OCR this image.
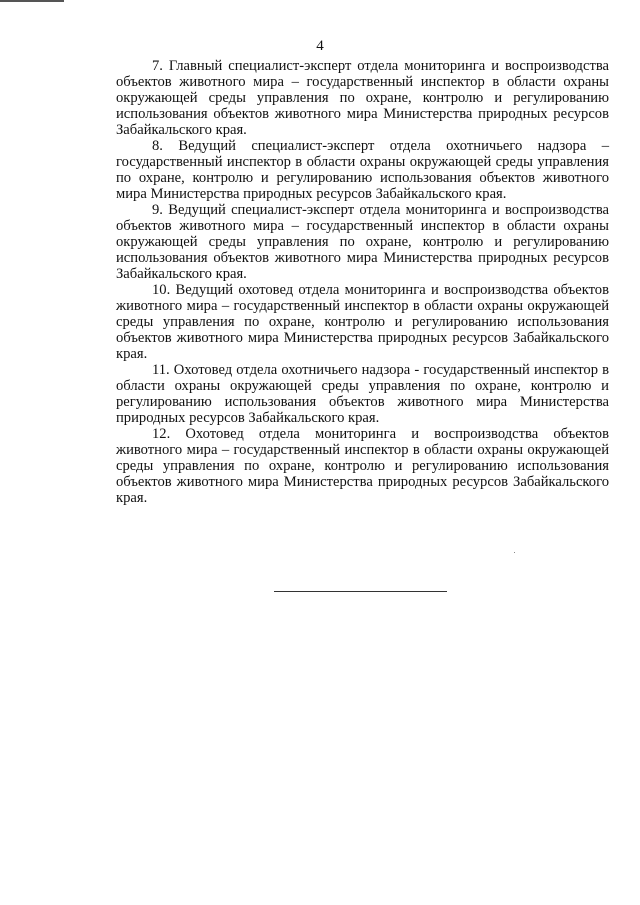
4

7. Главный специалист-эксперт отдела мониторинга и воспроизводства объектов животного мира – государственный инспектор в области охраны окружающей среды управления по охране, контролю и регулированию использования объектов животного мира Министерства природных ресурсов Забайкальского края.

8. Ведущий специалист-эксперт отдела охотничьего надзора – государственный инспектор в области охраны окружающей среды управления по охране, контролю и регулированию использования объектов животного мира Министерства природных ресурсов Забайкальского края.

9. Ведущий специалист-эксперт отдела мониторинга и воспроизводства объектов животного мира – государственный инспектор в области охраны окружающей среды управления по охране, контролю и регулированию использования объектов животного мира Министерства природных ресурсов Забайкальского края.

10. Ведущий охотовед отдела мониторинга и воспроизводства объектов животного мира – государственный инспектор в области охраны окружающей среды управления по охране, контролю и регулированию использования объектов животного мира Министерства природных ресурсов Забайкальского края.

11. Охотовед отдела охотничьего надзора - государственный инспектор в области охраны окружающей среды управления по охране, контролю и регулированию использования объектов животного мира Министерства природных ресурсов Забайкальского края.

12. Охотовед отдела мониторинга и воспроизводства объектов животного мира – государственный инспектор в области охраны окружающей среды управления по охране, контролю и регулированию использования объектов животного мира Министерства природных ресурсов Забайкальского края.
